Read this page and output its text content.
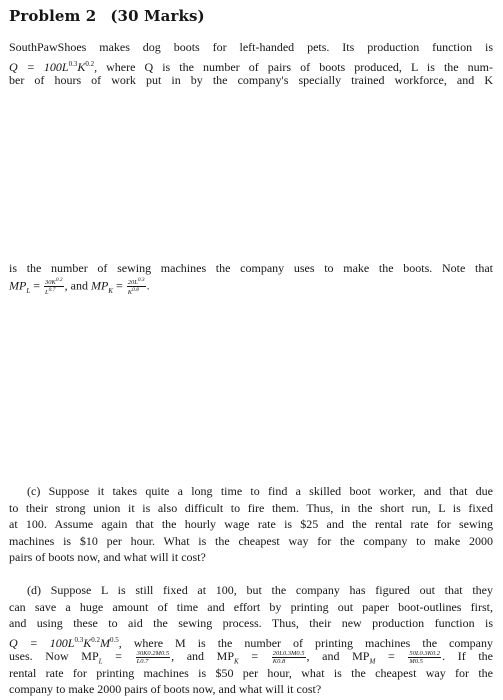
Problem 2 (30 Marks)
SouthPawShoes makes dog boots for left-handed pets. Its production function is
$Q = 100L^{0.3}K^{0.2}$, where Q is the number of pairs of boots produced, L is the num-
ber of hours of work put in by the company's specially trained workforce, and K
is the number of sewing machines the company uses to make the boots. Note that
$MP_L = \frac{30K^{0.2}}{L^{0.7}}$ , and $MP_K = \frac{20L^{0.3}}{K^{0.8}}$ .
(c) Suppose it takes quite a long time to find a skilled boot worker, and that due
to their strong union it is also difficult to fire them. Thus, in the short run, L is fixed
at 100. Assume again that the hourly wage rate is $25 and the rental rate for sewing
machines is $10 per hour. What is the cheapest way for the company to make 2000
pairs of boots now, and what will it cost?
(d) Suppose L is still fixed at 100, but the company has figured out that they
can save a huge amount of time and effort by printing out paper boot-outlines first,
and using these to aid the sewing process. Thus, their new production function is
$Q = 100L^{0.3}K^{0.2}M^{0.5}$, where M is the number of printing machines the company
uses. Now $MP_L = \frac{30K0.2M0.5}{L0.7}$ , and $MP_K = \frac{20L0.3M0.5}{K0.8}$ , and $MP_M = \frac{50L0.3K0.2}{M0.5}$ . If the
rental rate for printing machines is $50 per hour, what is the cheapest way for the
company to make 2000 pairs of boots now, and what will it cost?
